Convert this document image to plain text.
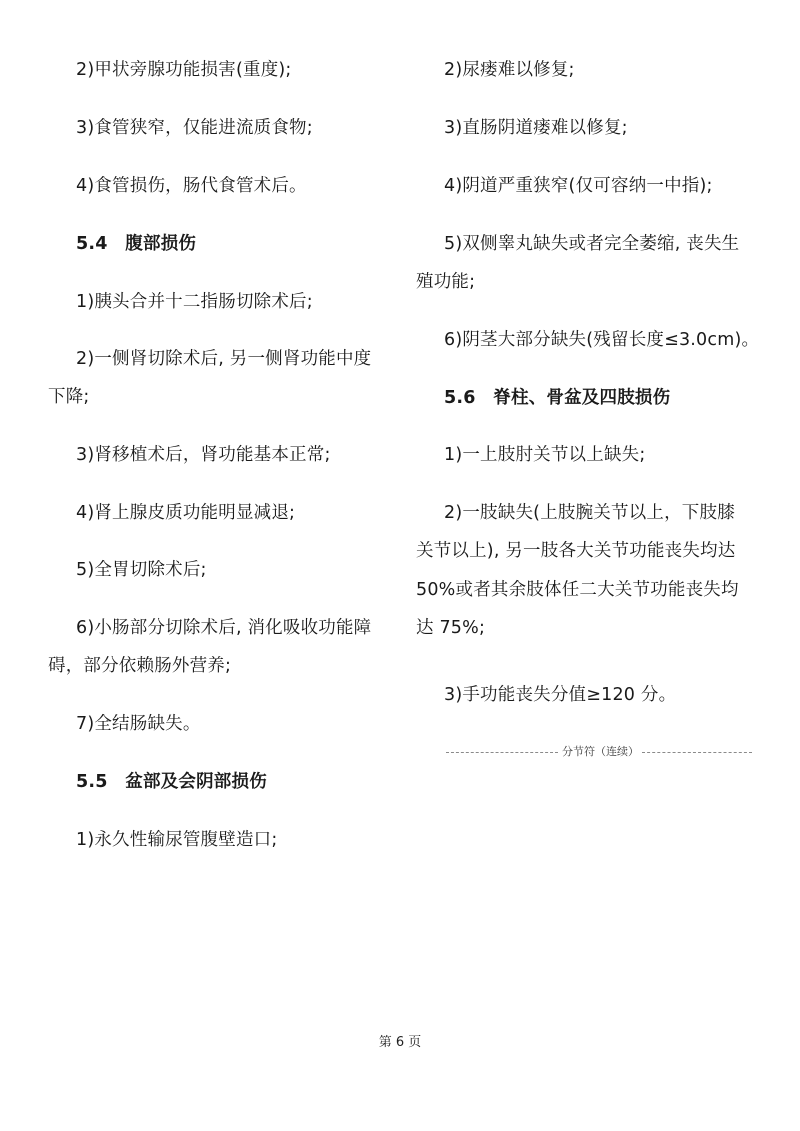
2)甲状旁腺功能损害(重度);
3)食管狭窄，仅能进流质食物;
4)食管损伤，肠代食管术后。
5.4　腹部损伤
1)胰头合并十二指肠切除术后;
2)一侧肾切除术后, 另一侧肾功能中度
下降;
3)肾移植术后，肾功能基本正常;
4)肾上腺皮质功能明显减退;
5)全胃切除术后;
6)小肠部分切除术后, 消化吸收功能障
碍，部分依赖肠外营养;
7)全结肠缺失。
5.5　盆部及会阴部损伤
1)永久性输尿管腹壁造口;
2)尿瘘难以修复;
3)直肠阴道瘘难以修复;
4)阴道严重狭窄(仅可容纳一中指);
5)双侧睾丸缺失或者完全萎缩, 丧失生
殖功能;
6)阴茎大部分缺失(残留长度≤3.0cm)。
5.6　脊柱、骨盆及四肢损伤
1)一上肢肘关节以上缺失;
2)一肢缺失(上肢腕关节以上，下肢膝
关节以上), 另一肢各大关节功能丧失均达
50%或者其余肢体任二大关节功能丧失均
达 75%;
3)手功能丧失分值≥120 分。
分节符（连续）
第 6 页
